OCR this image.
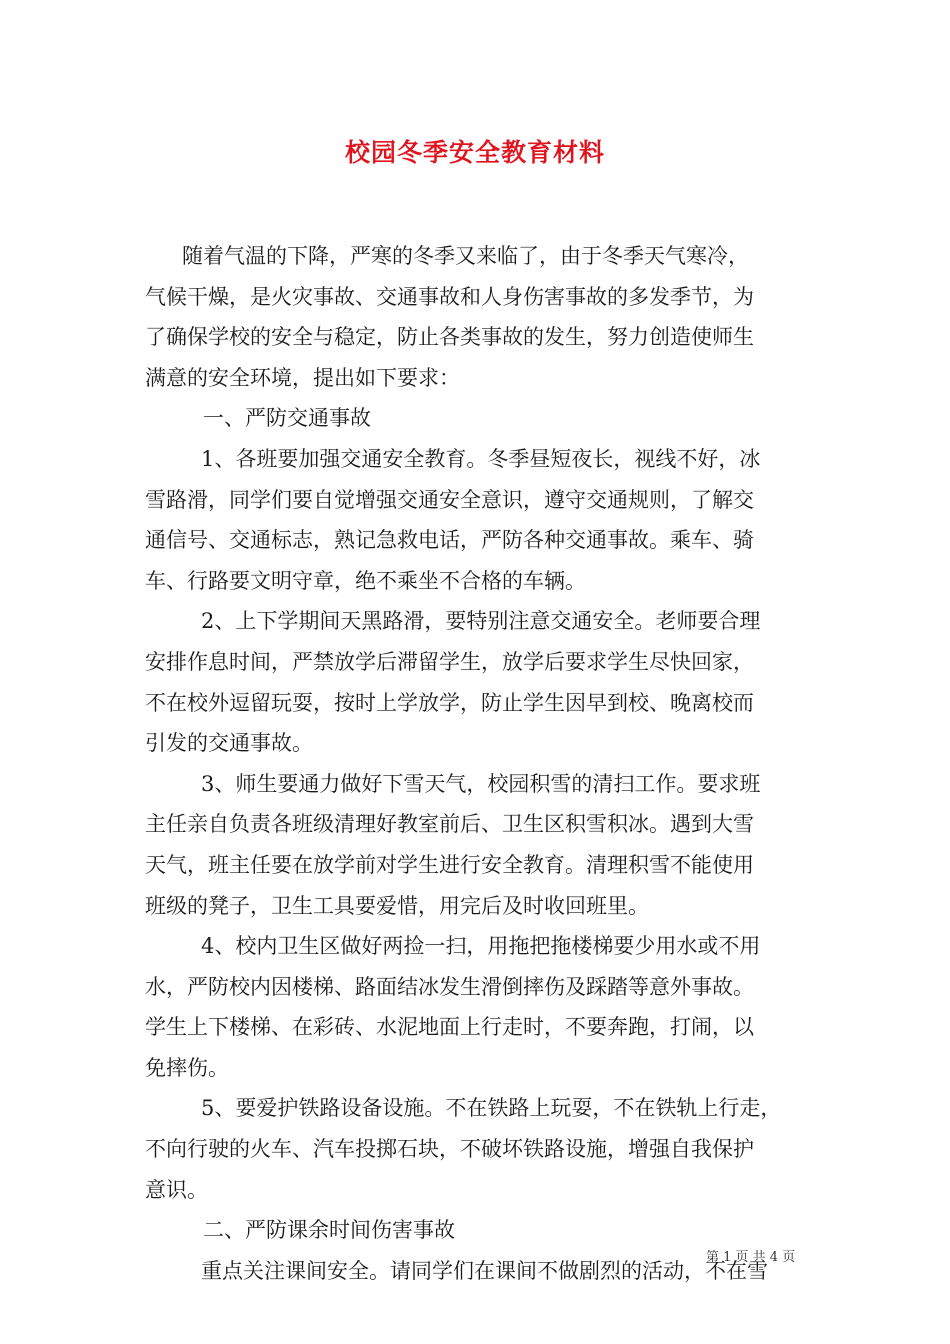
校园冬季安全教育材料
随着气温的下降，严寒的冬季又来临了，由于冬季天气寒冷，
气候干燥，是火灾事故、交通事故和人身伤害事故的多发季节，为
了确保学校的安全与稳定，防止各类事故的发生，努力创造使师生
满意的安全环境，提出如下要求：
一、严防交通事故
1、各班要加强交通安全教育。冬季昼短夜长，视线不好，冰
雪路滑，同学们要自觉增强交通安全意识，遵守交通规则，了解交
通信号、交通标志，熟记急救电话，严防各种交通事故。乘车、骑
车、行路要文明守章，绝不乘坐不合格的车辆。
2、上下学期间天黑路滑，要特别注意交通安全。老师要合理
安排作息时间，严禁放学后滞留学生，放学后要求学生尽快回家，
不在校外逗留玩耍，按时上学放学，防止学生因早到校、晚离校而
引发的交通事故。
3、师生要通力做好下雪天气，校园积雪的清扫工作。要求班
主任亲自负责各班级清理好教室前后、卫生区积雪积冰。遇到大雪
天气，班主任要在放学前对学生进行安全教育。清理积雪不能使用
班级的凳子，卫生工具要爱惜，用完后及时收回班里。
4、校内卫生区做好两捡一扫，用拖把拖楼梯要少用水或不用
水，严防校内因楼梯、路面结冰发生滑倒摔伤及踩踏等意外事故。
学生上下楼梯、在彩砖、水泥地面上行走时，不要奔跑，打闹，以
免摔伤。
5、要爱护铁路设备设施。不在铁路上玩耍，不在铁轨上行走，
不向行驶的火车、汽车投掷石块，不破坏铁路设施，增强自我保护
意识。
二、严防课余时间伤害事故
重点关注课间安全。请同学们在课间不做剧烈的活动，不在雪
第 1 页 共 4 页
